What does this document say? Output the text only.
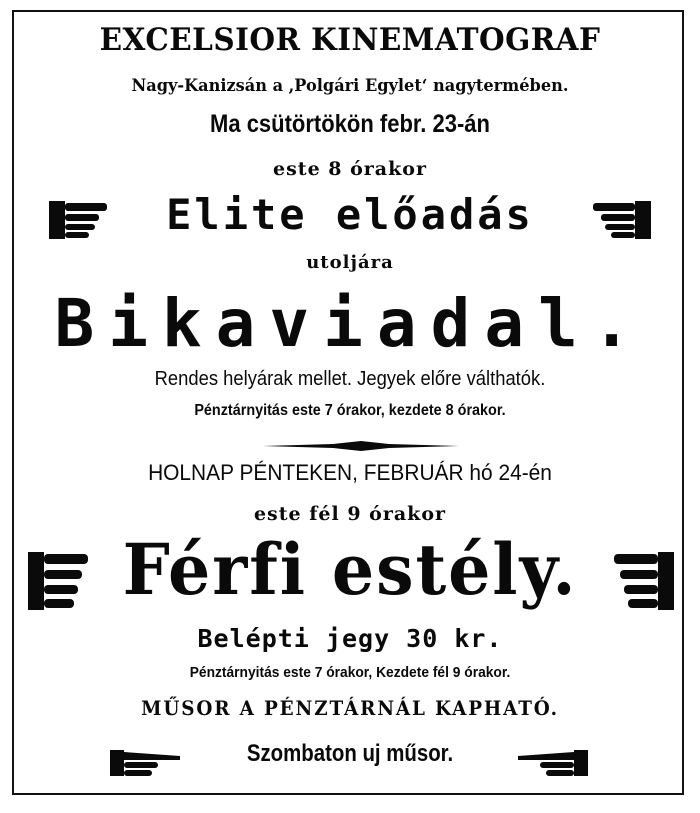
EXCELSIOR KINEMATOGRAF
Nagy-Kanizsán a ,Polgári Egylet‘ nagytermében.
Ma csütörtökön febr. 23-án
este 8 órakor
Elite előadás
utoljára
Bikaviadal.
Rendes helyárak mellet. Jegyek előre válthatók.
Pénztárnyitás este 7 órakor, kezdete 8 órakor.
HOLNAP PÉNTEKEN, FEBRUÁR hó 24-én
este fél 9 órakor
Férfi estély.
Belépti jegy 30 kr.
Pénztárnyitás este 7 órakor, Kezdete fél 9 órakor.
MŰSOR A PÉNZTÁRNÁL KAPHATÓ.
Szombaton uj műsor.
